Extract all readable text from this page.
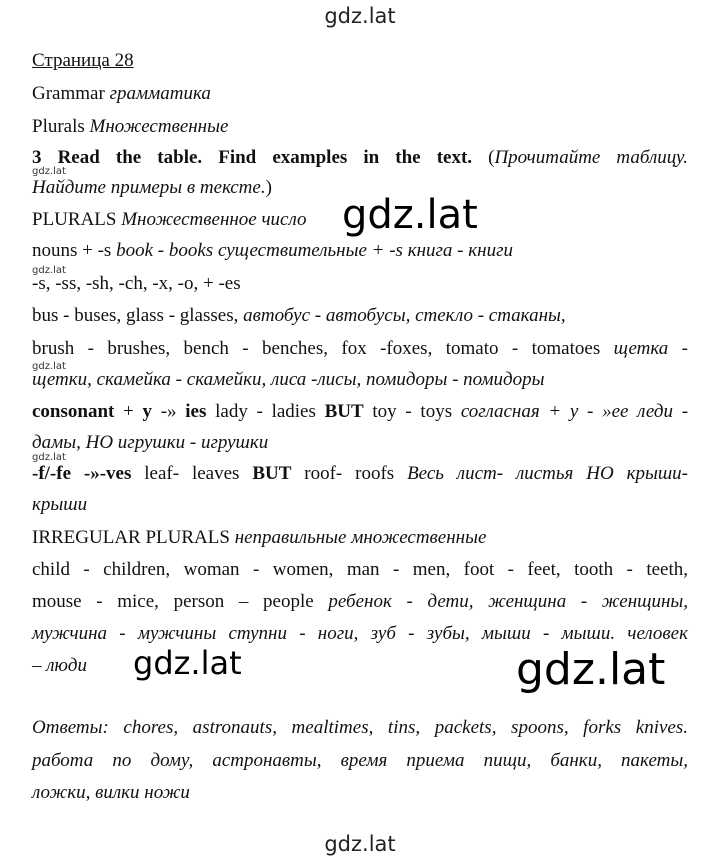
gdz.lat
Страница 28
Grammar грамматика
Plurals Множественные
3 Read the table. Find examples in the text. (Прочитайте таблицу.
gdz.lat
Найдите примеры в тексте.)
PLURALS Множественное число gdz.lat
nouns + -s book - books существительные + -s книга - книги
gdz.lat
-s, -ss, -sh, -ch, -x, -o, + -es
bus - buses, glass - glasses, автобус - автобусы, стекло - стаканы,
brush - brushes, bench - benches, fox -foxes, tomato - tomatoes щетка -
gdz.lat
щетки, скамейка - скамейки, лиса -лисы, помидоры - помидоры
consonant + y -» ies lady - ladies BUT toy - toys согласная + у - »ее леди -
дамы, НО игрушки - игрушки
gdz.lat
-f/-fe -»-ves leaf- leaves BUT roof- roofs Весь лист- листья НО крыши-
крыши
IRREGULAR PLURALS неправильные множественные
child - children, woman - women, man - men, foot - feet, tooth - teeth,
mouse - mice, person – people ребенок - дети, женщина - женщины,
мужчина - мужчины ступни - ноги, зуб - зубы, мыши - мыши. человек
– люди gdz.lat	gdz.lat
Ответы: chores, astronauts, mealtimes, tins, packets, spoons, forks knives.
работа по дому, астронавты, время приема пищи, банки, пакеты,
ложки, вилки ножи
gdz.lat
